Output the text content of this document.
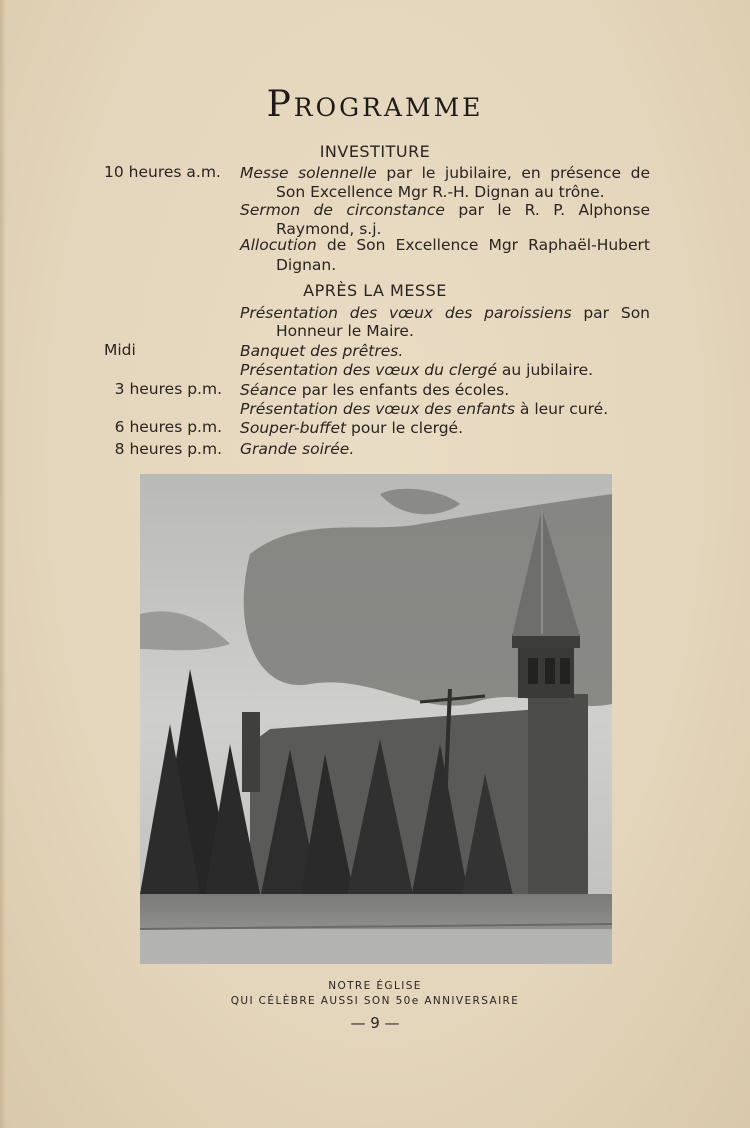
Programme
INVESTITURE
10 heures a.m. Messe solennelle par le jubilaire, en présence de
Son Excellence Mgr R.-H. Dignan au trône.
Sermon de circonstance par le R. P. Alphonse
Raymond, s.j.
Allocution de Son Excellence Mgr Raphaël-Hubert
Dignan.
APRÈS LA MESSE
Présentation des vœux des paroissiens par Son
Honneur le Maire.
Midi	Banquet des prêtres.
Présentation des vœux du clergé au jubilaire.
3 heures p.m. Séance par les enfants des écoles.
Présentation des vœux des enfants à leur curé.
6 heures p.m. Souper-buffet pour le clergé.
8 heures p.m. Grande soirée.
NOTRE ÉGLISE
QUI CÉLÈBRE AUSSI SON 50e ANNIVERSAIRE
— 9 —
